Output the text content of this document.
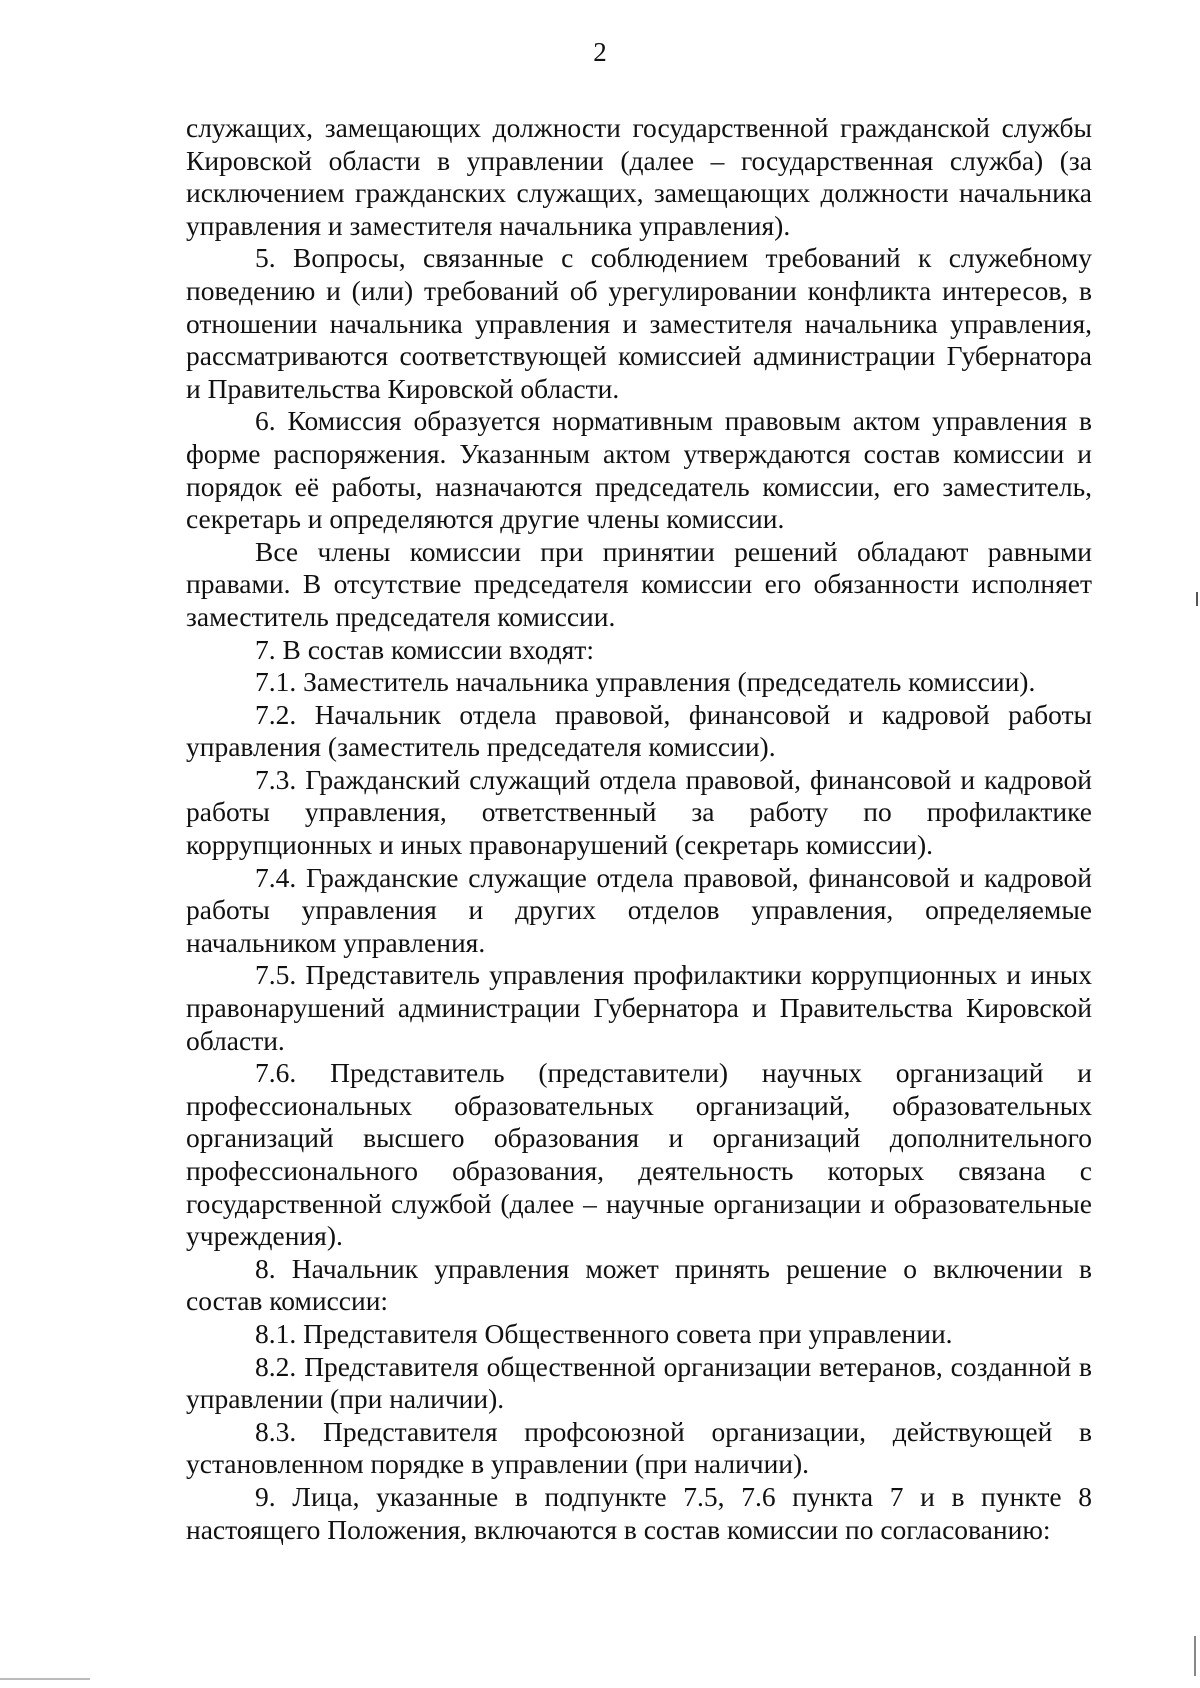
2

служащих, замещающих должности государственной гражданской службы Кировской области в управлении (далее – государственная служба) (за исключением гражданских служащих, замещающих должности начальника управления и заместителя начальника управления).

5. Вопросы, связанные с соблюдением требований к служебному поведению и (или) требований об урегулировании конфликта интересов, в отношении начальника управления и заместителя начальника управления, рассматриваются соответствующей комиссией администрации Губернатора и Правительства Кировской области.

6. Комиссия образуется нормативным правовым актом управления в форме распоряжения. Указанным актом утверждаются состав комиссии и порядок её работы, назначаются председатель комиссии, его заместитель, секретарь и определяются другие члены комиссии.

Все члены комиссии при принятии решений обладают равными правами. В отсутствие председателя комиссии его обязанности исполняет заместитель председателя комиссии.

7. В состав комиссии входят:

7.1. Заместитель начальника управления (председатель комиссии).

7.2. Начальник отдела правовой, финансовой и кадровой работы управления (заместитель председателя комиссии).

7.3. Гражданский служащий отдела правовой, финансовой и кадровой работы управления, ответственный за работу по профилактике коррупционных и иных правонарушений (секретарь комиссии).

7.4. Гражданские служащие отдела правовой, финансовой и кадровой работы управления и других отделов управления, определяемые начальником управления.

7.5. Представитель управления профилактики коррупционных и иных правонарушений администрации Губернатора и Правительства Кировской области.

7.6. Представитель (представители) научных организаций и профессиональных образовательных организаций, образовательных организаций высшего образования и организаций дополнительного профессионального образования, деятельность которых связана с государственной службой (далее – научные организации и образовательные учреждения).

8. Начальник управления может принять решение о включении в состав комиссии:

8.1. Представителя Общественного совета при управлении.

8.2. Представителя общественной организации ветеранов, созданной в управлении (при наличии).

8.3. Представителя профсоюзной организации, действующей в установленном порядке в управлении (при наличии).

9. Лица, указанные в подпункте 7.5, 7.6 пункта 7 и в пункте 8 настоящего Положения, включаются в состав комиссии по согласованию:
